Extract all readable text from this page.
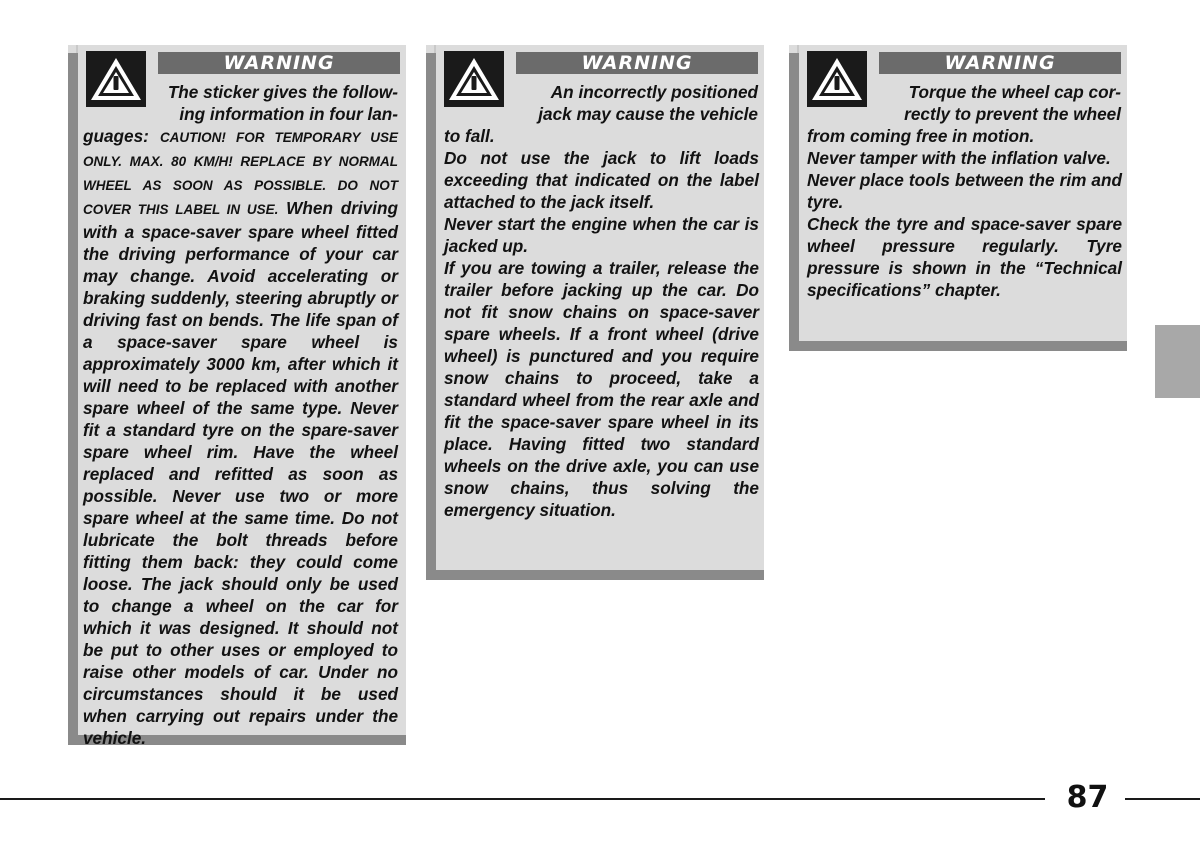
WARNING

The sticker gives the follow-
ing information in four lan-

guages: CAUTION! FOR TEMPORARY USE ONLY. MAX. 80 KM/H! REPLACE BY NORMAL WHEEL AS SOON AS POSSIBLE. DO NOT COVER THIS LABEL IN USE. When driving with a space-saver spare wheel fitted the driving performance of your car may change. Avoid accelerating or braking suddenly, steering abruptly or driving fast on bends. The life span of a space-saver spare wheel is approximately 3000 km, after which it will need to be replaced with another spare wheel of the same type. Never fit a standard tyre on the spare-saver spare wheel rim. Have the wheel replaced and refitted as soon as possible. Never use two or more spare wheel at the same time. Do not lubricate the bolt threads before fitting them back: they could come loose. The jack should only be used to change a wheel on the car for which it was designed. It should not be put to other uses or employed to raise other models of car. Under no circumstances should it be used when carrying out repairs under the vehicle.

WARNING

An incorrectly positioned
jack may cause the vehicle

to fall.
Do not use the jack to lift loads exceeding that indicated on the label attached to the jack itself.
Never start the engine when the car is jacked up.
If you are towing a trailer, release the trailer before jacking up the car. Do not fit snow chains on space-saver spare wheels. If a front wheel (drive wheel) is punctured and you require snow chains to proceed, take a standard wheel from the rear axle and fit the space-saver spare wheel in its place. Having fitted two standard wheels on the drive axle, you can use snow chains, thus solving the emergency situation.

WARNING

Torque the wheel cap cor-
rectly to prevent the wheel

from coming free in motion.
Never tamper with the inflation valve.
Never place tools between the rim and tyre.
Check the tyre and space-saver spare wheel pressure regularly. Tyre pressure is shown in the “Technical specifications” chapter.

87
